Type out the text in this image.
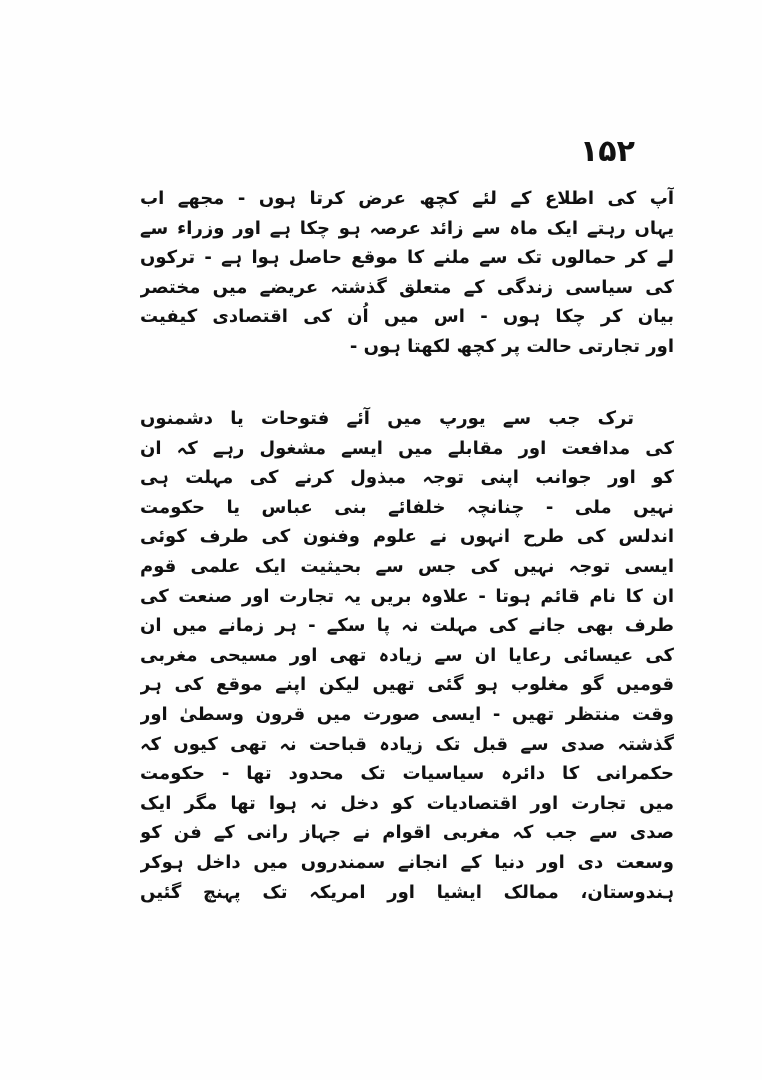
۱۵۲
آپ کی اطلاع کے لئے کچھ عرض کرتا ہوں - مجھے اب
یہاں رہتے ایک ماہ سے زائد عرصہ ہو چکا ہے اور وزراء سے
لے کر حمالوں تک سے ملنے کا موقع حاصل ہوا ہے - ترکوں
کی سیاسی زندگی کے متعلق گذشتہ عریضے میں مختصر
بیان کر چکا ہوں - اس میں اُن کی اقتصادی کیفیت
اور تجارتی حالت پر کچھ لکھتا ہوں -
ترک جب سے یورپ میں آئے فتوحات یا دشمنوں
کی مدافعت اور مقابلے میں ایسے مشغول رہے کہ ان
کو اور جوانب اپنی توجہ مبذول کرنے کی مہلت ہی
نہیں ملی - چنانچہ خلفائے بنی عباس یا حکومت
اندلس کی طرح انہوں نے علوم وفنون کی طرف کوئی
ایسی توجہ نہیں کی جس سے بحیثیت ایک علمی قوم
ان کا نام قائم ہوتا - علاوہ بریں یہ تجارت اور صنعت کی
طرف بھی جانے کی مہلت نہ پا سکے - ہر زمانے میں ان
کی عیسائی رعایا ان سے زیادہ تھی اور مسیحی مغربی
قومیں گو مغلوب ہو گئی تھیں لیکن اپنے موقع کی ہر
وقت منتظر تھیں - ایسی صورت میں قرون وسطیٰ اور
گذشتہ صدی سے قبل تک زیادہ قباحت نہ تھی کیوں کہ
حکمرانی کا دائرہ سیاسیات تک محدود تھا - حکومت
میں تجارت اور اقتصادیات کو دخل نہ ہوا تھا مگر ایک
صدی سے جب کہ مغربی اقوام نے جہاز رانی کے فن کو
وسعت دی اور دنیا کے انجانے سمندروں میں داخل ہوکر
ہندوستان، ممالک ایشیا اور امریکہ تک پہنچ گئیں
